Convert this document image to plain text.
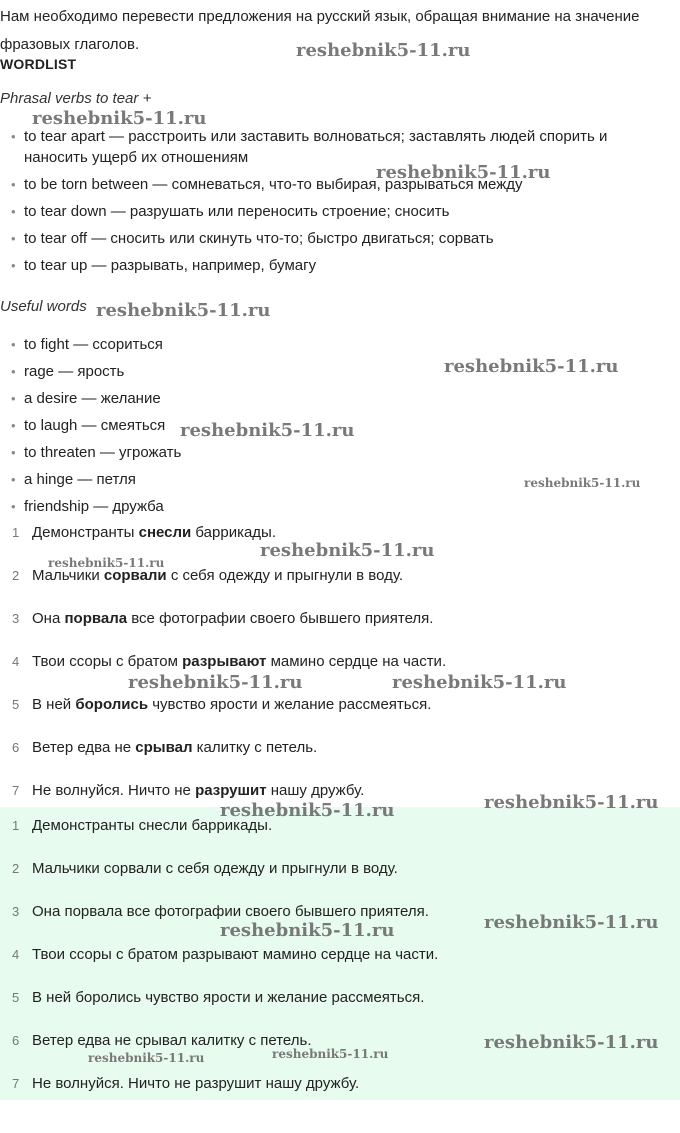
Нам необходимо перевести предложения на русский язык, обращая внимание на значение фразовых глаголов.
WORDLIST
Phrasal verbs to tear +
• to tear apart — расстроить или заставить волноваться; заставлять людей спорить и наносить ущерб их отношениям
• to be torn between — сомневаться, что-то выбирая, разрываться между
• to tear down — разрушать или переносить строение; сносить
• to tear off — сносить или скинуть что-то; быстро двигаться; сорвать
• to tear up — разрывать, например, бумагу
Useful words
• to fight — ссориться
• rage — ярость
• a desire — желание
• to laugh — смеяться
• to threaten — угрожать
• a hinge — петля
• friendship — дружба
1 Демонстранты снесли баррикады.
2 Мальчики сорвали с себя одежду и прыгнули в воду.
3 Она порвала все фотографии своего бывшего приятеля.
4 Твои ссоры с братом разрывают мамино сердце на части.
5 В ней боролись чувство ярости и желание рассмеяться.
6 Ветер едва не срывал калитку с петель.
7 Не волнуйся. Ничто не разрушит нашу дружбу.
1 Демонстранты снесли баррикады.
2 Мальчики сорвали с себя одежду и прыгнули в воду.
3 Она порвала все фотографии своего бывшего приятеля.
4 Твои ссоры с братом разрывают мамино сердце на части.
5 В ней боролись чувство ярости и желание рассмеяться.
6 Ветер едва не срывал калитку с петель.
7 Не волнуйся. Ничто не разрушит нашу дружбу.
reshebnik5-11.ru
reshebnik5-11.ru
reshebnik5-11.ru
reshebnik5-11.ru
reshebnik5-11.ru
reshebnik5-11.ru
reshebnik5-11.ru
reshebnik5-11.ru
reshebnik5-11.ru
reshebnik5-11.ru	reshebnik5-11.ru
reshebnik5-11.ru	reshebnik5-11.ru
reshebnik5-11.ru
reshebnik5-11.ru
reshebnik5-11.ru
reshebnik5-11.ru
reshebnik5-11.ru
